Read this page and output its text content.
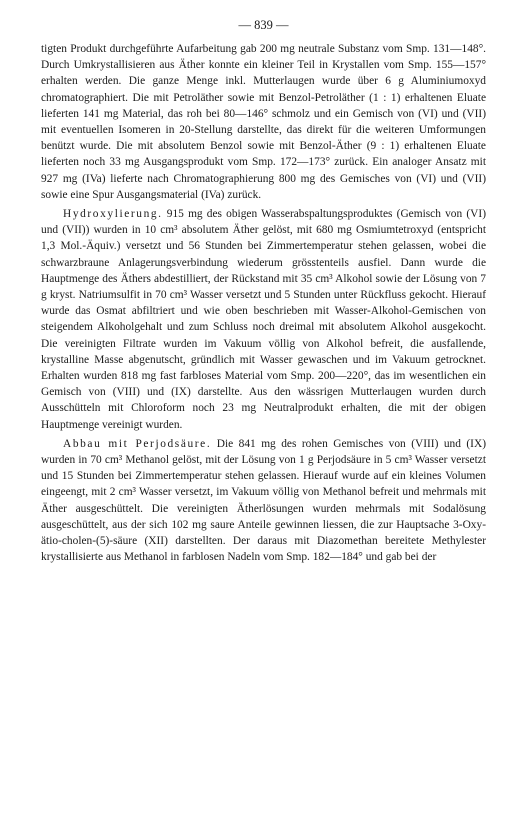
— 839 —

tigten Produkt durchgeführte Aufarbeitung gab 200 mg neutrale Substanz vom Smp. 131—148°. Durch Umkrystallisieren aus Äther konnte ein kleiner Teil in Krystallen vom Smp. 155—157° erhalten werden. Die ganze Menge inkl. Mutterlaugen wurde über 6 g Aluminiumoxyd chromatographiert. Die mit Petroläther sowie mit Benzol-Petroläther (1 : 1) erhaltenen Eluate lieferten 141 mg Material, das roh bei 80—146° schmolz und ein Gemisch von (VI) und (VII) mit eventuellen Isomeren in 20-Stellung darstellte, das direkt für die weiteren Umformungen benützt wurde. Die mit absolutem Benzol sowie mit Benzol-Äther (9 : 1) erhaltenen Eluate lieferten noch 33 mg Ausgangsprodukt vom Smp. 172—173° zurück. Ein analoger Ansatz mit 927 mg (IVa) lieferte nach Chromatographierung 800 mg des Gemisches von (VI) und (VII) sowie eine Spur Ausgangsmaterial (IVa) zurück.

Hydroxylierung. 915 mg des obigen Wasserabspaltungsproduktes (Gemisch von (VI) und (VII)) wurden in 10 cm³ absolutem Äther gelöst, mit 680 mg Osmiumtetroxyd (entspricht 1,3 Mol.-Äquiv.) versetzt und 56 Stunden bei Zimmertemperatur stehen gelassen, wobei die schwarzbraune Anlagerungsverbindung wiederum grösstenteils ausfiel. Dann wurde die Hauptmenge des Äthers abdestilliert, der Rückstand mit 35 cm³ Alkohol sowie der Lösung von 7 g kryst. Natriumsulfit in 70 cm³ Wasser versetzt und 5 Stunden unter Rückfluss gekocht. Hierauf wurde das Osmat abfiltriert und wie oben beschrieben mit Wasser-Alkohol-Gemischen von steigendem Alkoholgehalt und zum Schluss noch dreimal mit absolutem Alkohol ausgekocht. Die vereinigten Filtrate wurden im Vakuum völlig von Alkohol befreit, die ausfallende, krystalline Masse abgenutscht, gründlich mit Wasser gewaschen und im Vakuum getrocknet. Erhalten wurden 818 mg fast farbloses Material vom Smp. 200—220°, das im wesentlichen ein Gemisch von (VIII) und (IX) darstellte. Aus den wässrigen Mutterlaugen wurden durch Ausschütteln mit Chloroform noch 23 mg Neutralprodukt erhalten, die mit der obigen Hauptmenge vereinigt wurden.

Abbau mit Perjodsäure. Die 841 mg des rohen Gemisches von (VIII) und (IX) wurden in 70 cm³ Methanol gelöst, mit der Lösung von 1 g Perjodsäure in 5 cm³ Wasser versetzt und 15 Stunden bei Zimmertemperatur stehen gelassen. Hierauf wurde auf ein kleines Volumen eingeengt, mit 2 cm³ Wasser versetzt, im Vakuum völlig von Methanol befreit und mehrmals mit Äther ausgeschüttelt. Die vereinigten Ätherlösungen wurden mehrmals mit Sodalösung ausgeschüttelt, aus der sich 102 mg saure Anteile gewinnen liessen, die zur Hauptsache 3-Oxy-ätio-cholen-(5)-säure (XII) darstellten. Der daraus mit Diazomethan bereitete Methylester krystallisierte aus Methanol in farblosen Nadeln vom Smp. 182—184° und gab bei der
